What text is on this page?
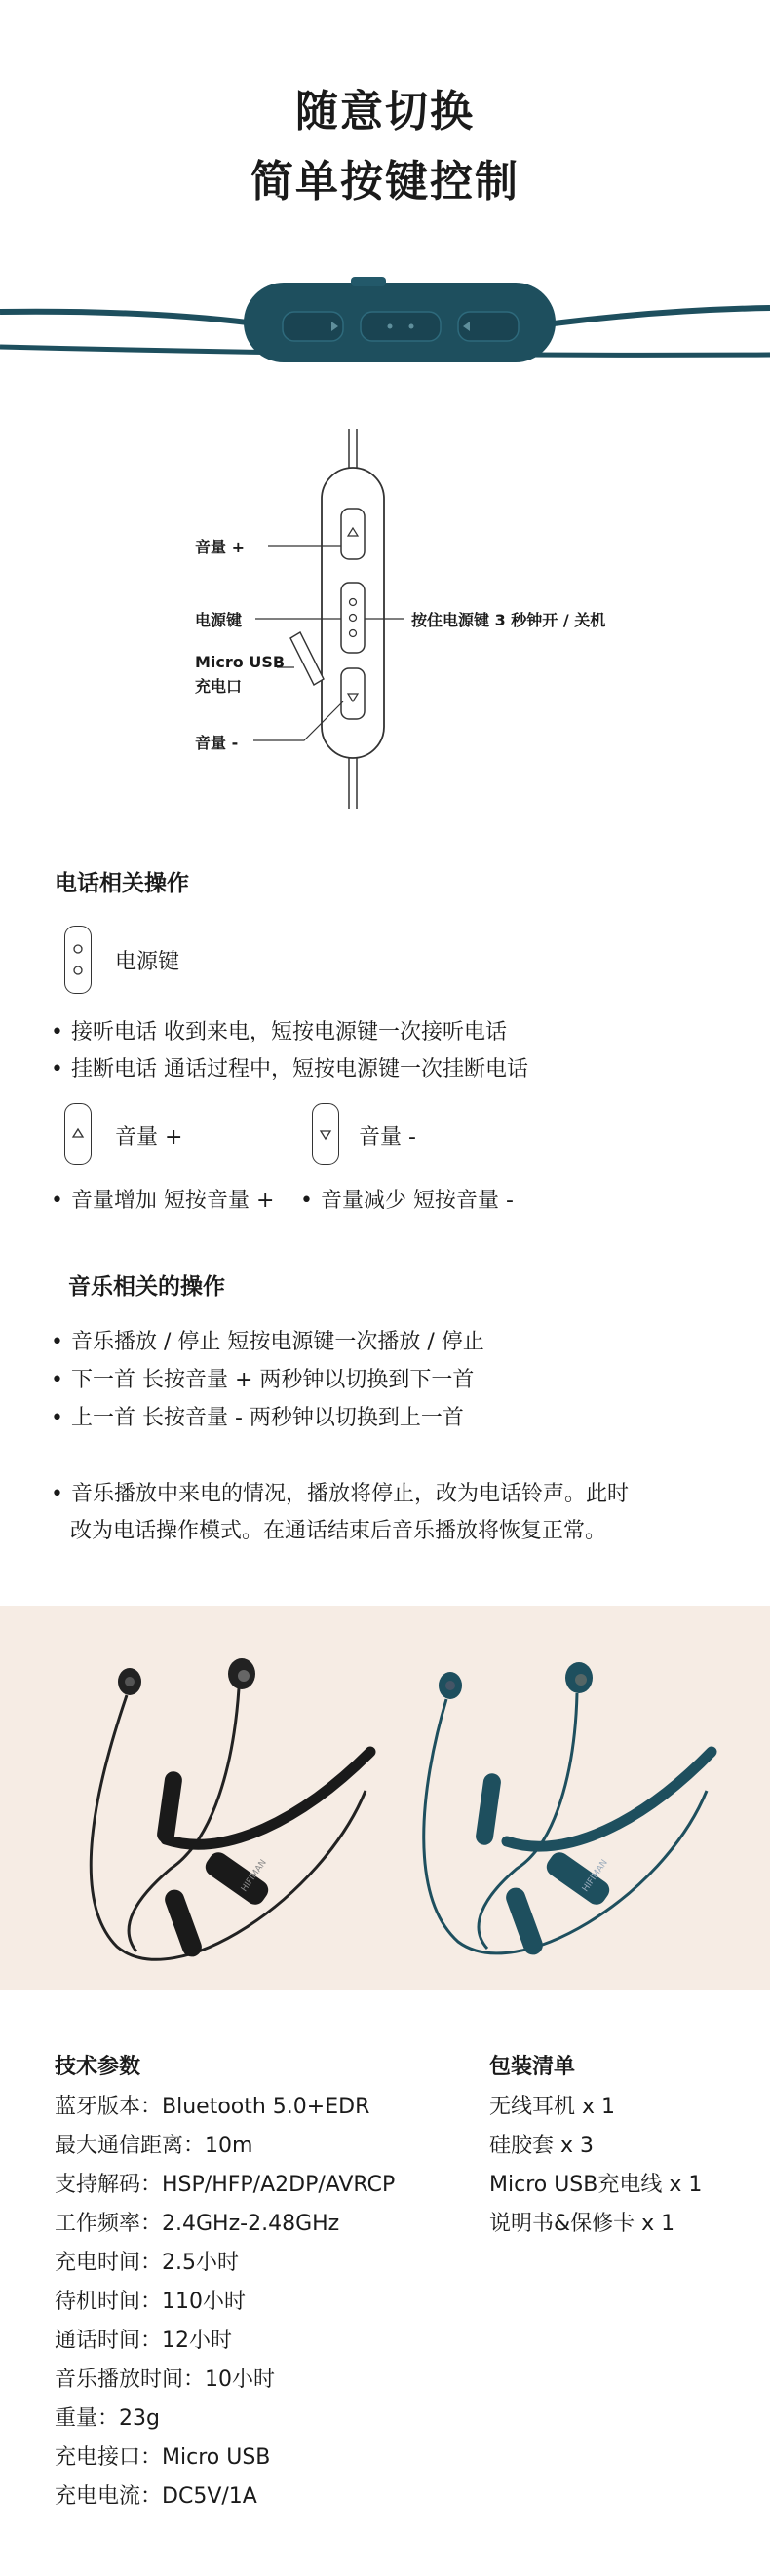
随意切换
简单按键控制
音量 +
电源键
Micro USB
充电口
音量 -
按住电源键 3 秒钟开 / 关机
电话相关操作
电源键
• 接听电话 收到来电，短按电源键一次接听电话
• 挂断电话 通话过程中，短按电源键一次挂断电话
音量 +	音量 -
• 音量增加 短按音量 +
•	音量减少 短按音量 -
音乐相关的操作
• 音乐播放 / 停止 短按电源键一次播放 / 停止
• 下一首 长按音量 + 两秒钟以切换到下一首
• 上一首 长按音量 - 两秒钟以切换到上一首
• 音乐播放中来电的情况，播放将停止，改为电话铃声。此时
改为电话操作模式。在通话结束后音乐播放将恢复正常。
HIFIMAN	HIFIMAN
技术参数
蓝牙版本：Bluetooth 5.0+EDR
最大通信距离：10m
支持解码：HSP/HFP/A2DP/AVRCP
工作频率：2.4GHz-2.48GHz
充电时间：2.5小时
待机时间：110小时
通话时间：12小时
音乐播放时间：10小时
重量：23g
充电接口：Micro USB
充电电流：DC5V/1A
包装清单
无线耳机 x 1
硅胶套 x 3
Micro USB充电线 x 1
说明书&保修卡 x 1
